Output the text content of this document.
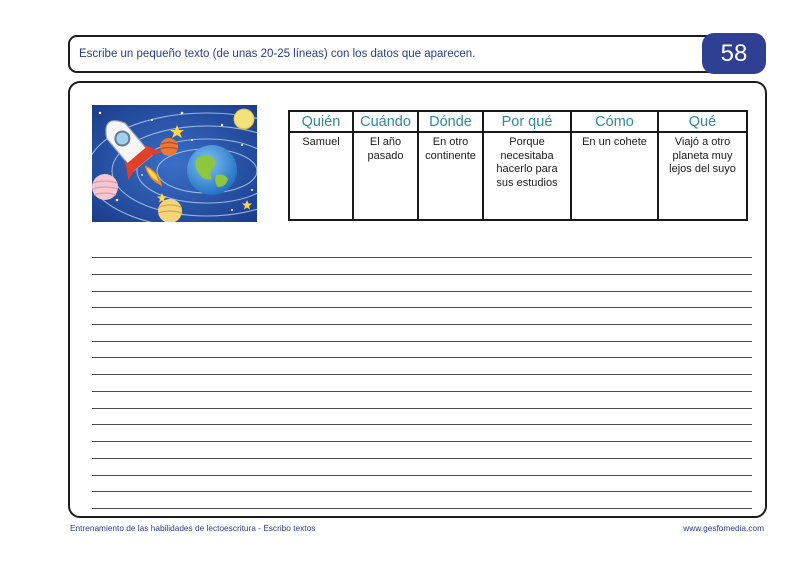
Escribe un pequeño texto (de unas 20-25 líneas) con los datos que aparecen.	58
Quién	Cuándo	Dónde	Por qué	Cómo	Qué
Samuel	El año pasado	En otro continente	Porque necesitaba hacerlo para sus estudios	En un cohete	Viajó a otro planeta muy lejos del suyo
Entrenamiento de las habilidades de lectoescritura - Escribo textos	www.gesfomedia.com
